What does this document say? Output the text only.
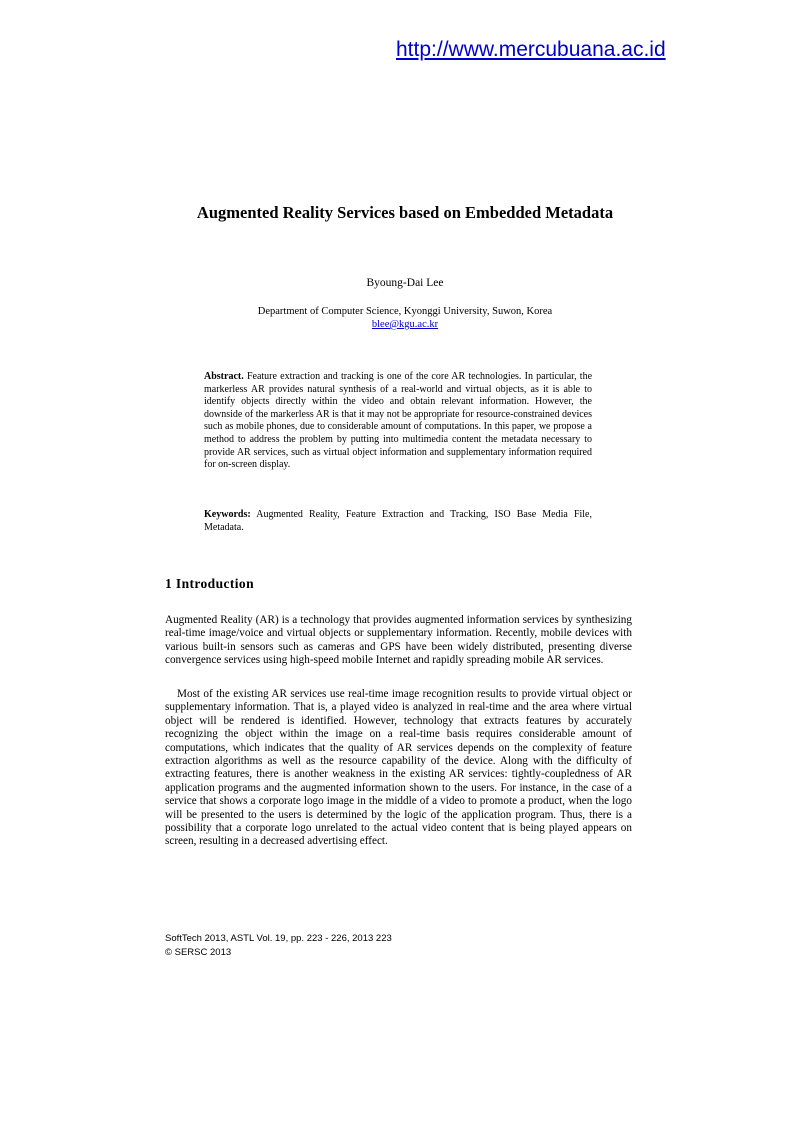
http://www.mercubuana.ac.id
Augmented Reality Services based on Embedded Metadata
Byoung-Dai Lee
Department of Computer Science, Kyonggi University, Suwon, Korea
blee@kgu.ac.kr
Abstract. Feature extraction and tracking is one of the core AR technologies. In particular, the markerless AR provides natural synthesis of a real-world and virtual objects, as it is able to identify objects directly within the video and obtain relevant information. However, the downside of the markerless AR is that it may not be appropriate for resource-constrained devices such as mobile phones, due to considerable amount of computations. In this paper, we propose a method to address the problem by putting into multimedia content the metadata necessary to provide AR services, such as virtual object information and supplementary information required for on-screen display.
Keywords: Augmented Reality, Feature Extraction and Tracking, ISO Base Media File, Metadata.
1 Introduction
Augmented Reality (AR) is a technology that provides augmented information services by synthesizing real-time image/voice and virtual objects or supplementary information. Recently, mobile devices with various built-in sensors such as cameras and GPS have been widely distributed, presenting diverse convergence services using high-speed mobile Internet and rapidly spreading mobile AR services.
Most of the existing AR services use real-time image recognition results to provide virtual object or supplementary information. That is, a played video is analyzed in real-time and the area where virtual object will be rendered is identified. However, technology that extracts features by accurately recognizing the object within the image on a real-time basis requires considerable amount of computations, which indicates that the quality of AR services depends on the complexity of feature extraction algorithms as well as the resource capability of the device. Along with the difficulty of extracting features, there is another weakness in the existing AR services: tightly-coupledness of AR application programs and the augmented information shown to the users. For instance, in the case of a service that shows a corporate logo image in the middle of a video to promote a product, when the logo will be presented to the users is determined by the logic of the application program. Thus, there is a possibility that a corporate logo unrelated to the actual video content that is being played appears on screen, resulting in a decreased advertising effect.
SoftTech 2013, ASTL Vol. 19, pp. 223 - 226, 2013 223
© SERSC 2013
